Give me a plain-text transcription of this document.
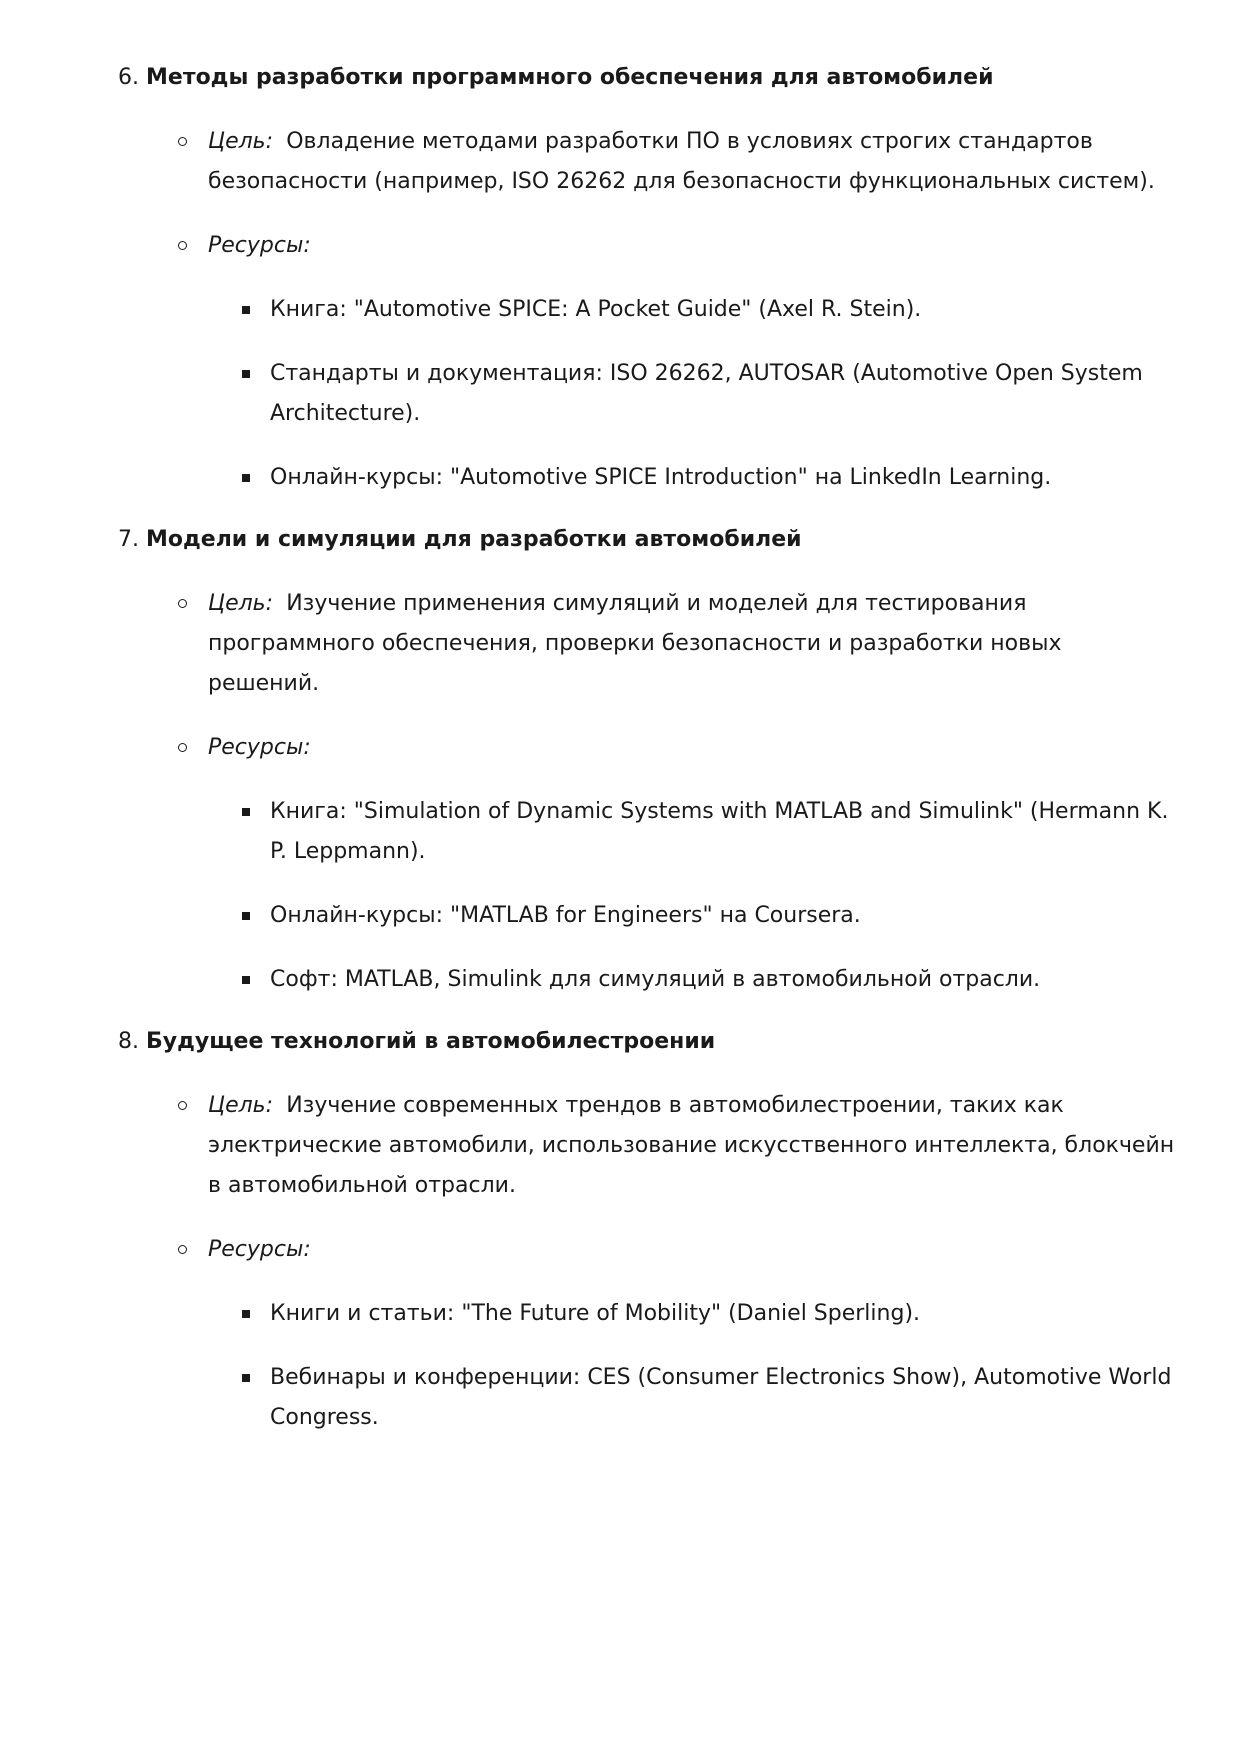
6. Методы разработки программного обеспечения для автомобилей
Цель: Овладение методами разработки ПО в условиях строгих стандартов безопасности (например, ISO 26262 для безопасности функциональных систем).
Ресурсы:
Книга: "Automotive SPICE: A Pocket Guide" (Axel R. Stein).
Стандарты и документация: ISO 26262, AUTOSAR (Automotive Open System Architecture).
Онлайн-курсы: "Automotive SPICE Introduction" на LinkedIn Learning.
7. Модели и симуляции для разработки автомобилей
Цель: Изучение применения симуляций и моделей для тестирования программного обеспечения, проверки безопасности и разработки новых решений.
Ресурсы:
Книга: "Simulation of Dynamic Systems with MATLAB and Simulink" (Hermann K. P. Leppmann).
Онлайн-курсы: "MATLAB for Engineers" на Coursera.
Софт: MATLAB, Simulink для симуляций в автомобильной отрасли.
8. Будущее технологий в автомобилестроении
Цель: Изучение современных трендов в автомобилестроении, таких как электрические автомобили, использование искусственного интеллекта, блокчейн в автомобильной отрасли.
Ресурсы:
Книги и статьи: "The Future of Mobility" (Daniel Sperling).
Вебинары и конференции: CES (Consumer Electronics Show), Automotive World Congress.
